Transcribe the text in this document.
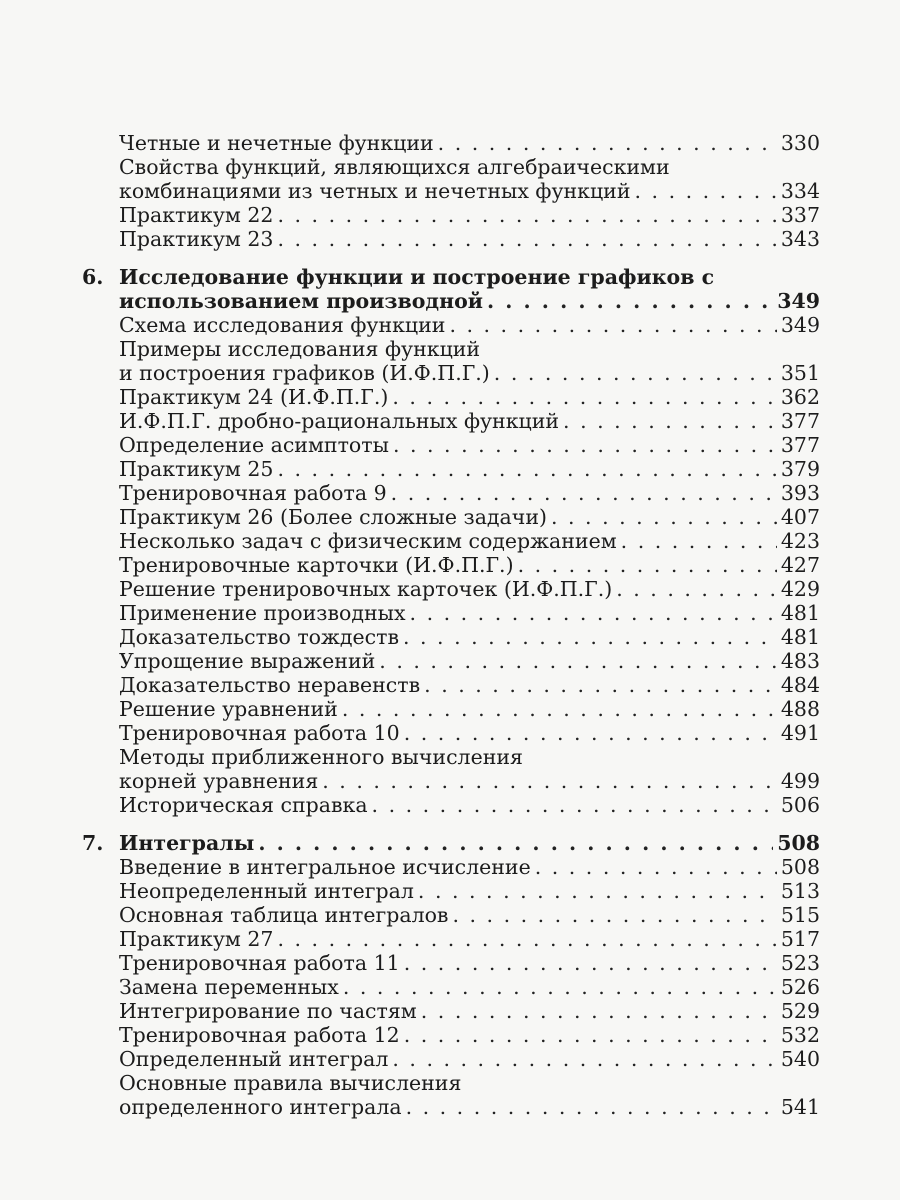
Четные и нечетные функции . . .	330
Свойства функций, являющихся алгебраическими
комбинациями из четных и нечетных функций . . .	334
Практикум 22 . . .	337
Практикум 23 . . .	343
6. Исследование функции и построение графиков с
использованием производной . . .	349
Схема исследования функции . . .	349
Примеры исследования функций
и построения графиков (И.Ф.П.Г.) . . .	351
Практикум 24 (И.Ф.П.Г.) . . .	362
И.Ф.П.Г. дробно-рациональных функций . . .	377
Определение асимптоты . . .	377
Практикум 25 . . .	379
Тренировочная работа 9 . . .	393
Практикум 26 (Более сложные задачи) . . .	407
Несколько задач с физическим содержанием . . .	423
Тренировочные карточки (И.Ф.П.Г.) . . .	427
Решение тренировочных карточек (И.Ф.П.Г.) . . .	429
Применение производных . . .	481
Доказательство тождеств . . .	481
Упрощение выражений . . .	483
Доказательство неравенств . . .	484
Решение уравнений . . .	488
Тренировочная работа 10 . . .	491
Методы приближенного вычисления
корней уравнения . . .	499
Историческая справка . . .	506
7. Интегралы . . .	508
Введение в интегральное исчисление . . .	508
Неопределенный интеграл . . .	513
Основная таблица интегралов . . .	515
Практикум 27 . . .	517
Тренировочная работа 11 . . .	523
Замена переменных . . .	526
Интегрирование по частям . . .	529
Тренировочная работа 12 . . .	532
Определенный интеграл . . .	540
Основные правила вычисления
определенного интеграла . . .	541
